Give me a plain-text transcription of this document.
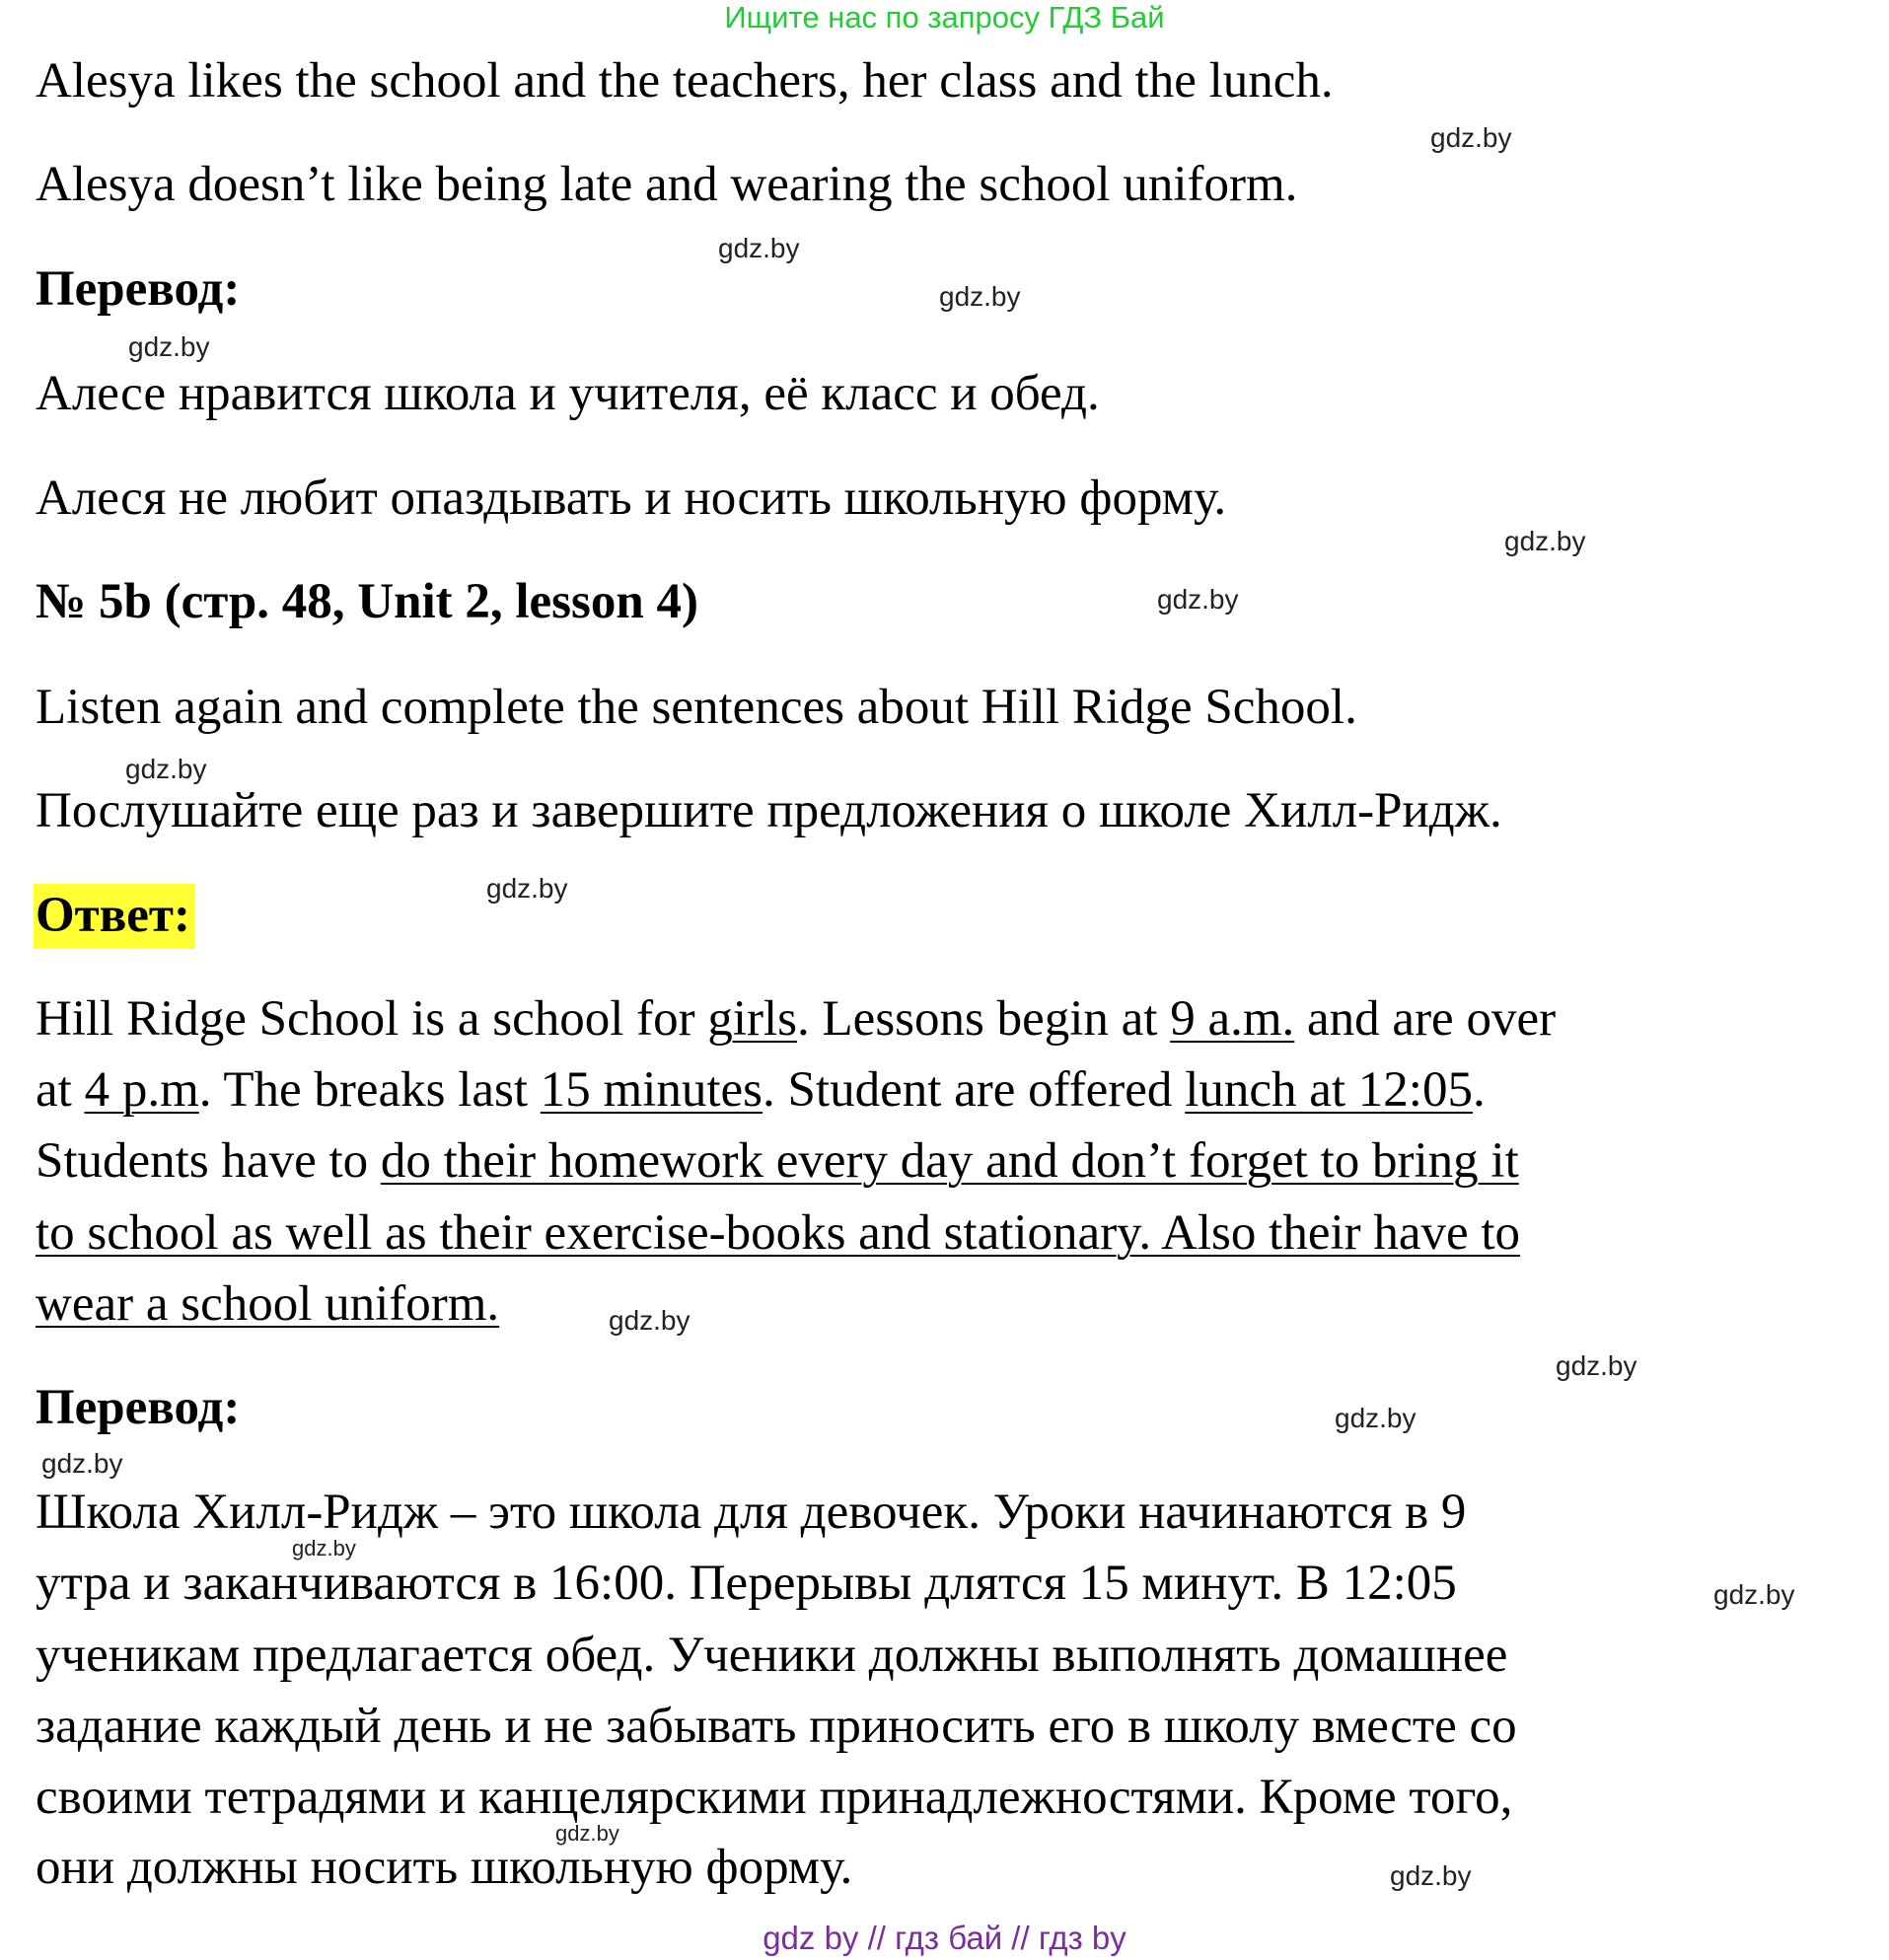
Ищите нас по запросу ГДЗ Бай
Alesya likes the school and the teachers, her class and the lunch.
Alesya doesn’t like being late and wearing the school uniform.
Перевод:
Алесе нравится школа и учителя, её класс и обед.
Алеся не любит опаздывать и носить школьную форму.
№ 5b (стр. 48, Unit 2, lesson 4)
Listen again and complete the sentences about Hill Ridge School.
Послушайте еще раз и завершите предложения о школе Хилл-Ридж.
Ответ:
Hill Ridge School is a school for girls. Lessons begin at 9 a.m. and are over
at 4 p.m. The breaks last 15 minutes. Student are offered lunch at 12:05.
Students have to do their homework every day and don’t forget to bring it
to school as well as their exercise-books and stationary. Also their have to
wear a school uniform.
Перевод:
Школа Хилл-Ридж – это школа для девочек. Уроки начинаются в 9
утра и заканчиваются в 16:00. Перерывы длятся 15 минут. В 12:05
ученикам предлагается обед. Ученики должны выполнять домашнее
задание каждый день и не забывать приносить его в школу вместе со
своими тетрадями и канцелярскими принадлежностями. Кроме того,
они должны носить школьную форму.
gdz.by
gdz.by
gdz.by
gdz.by
gdz.by
gdz.by
gdz.by
gdz.by
gdz.by
gdz.by
gdz.by
gdz.by
gdz.by
gdz.by
gdz.by
gdz.by
gdz by // гдз бай // гдз by
